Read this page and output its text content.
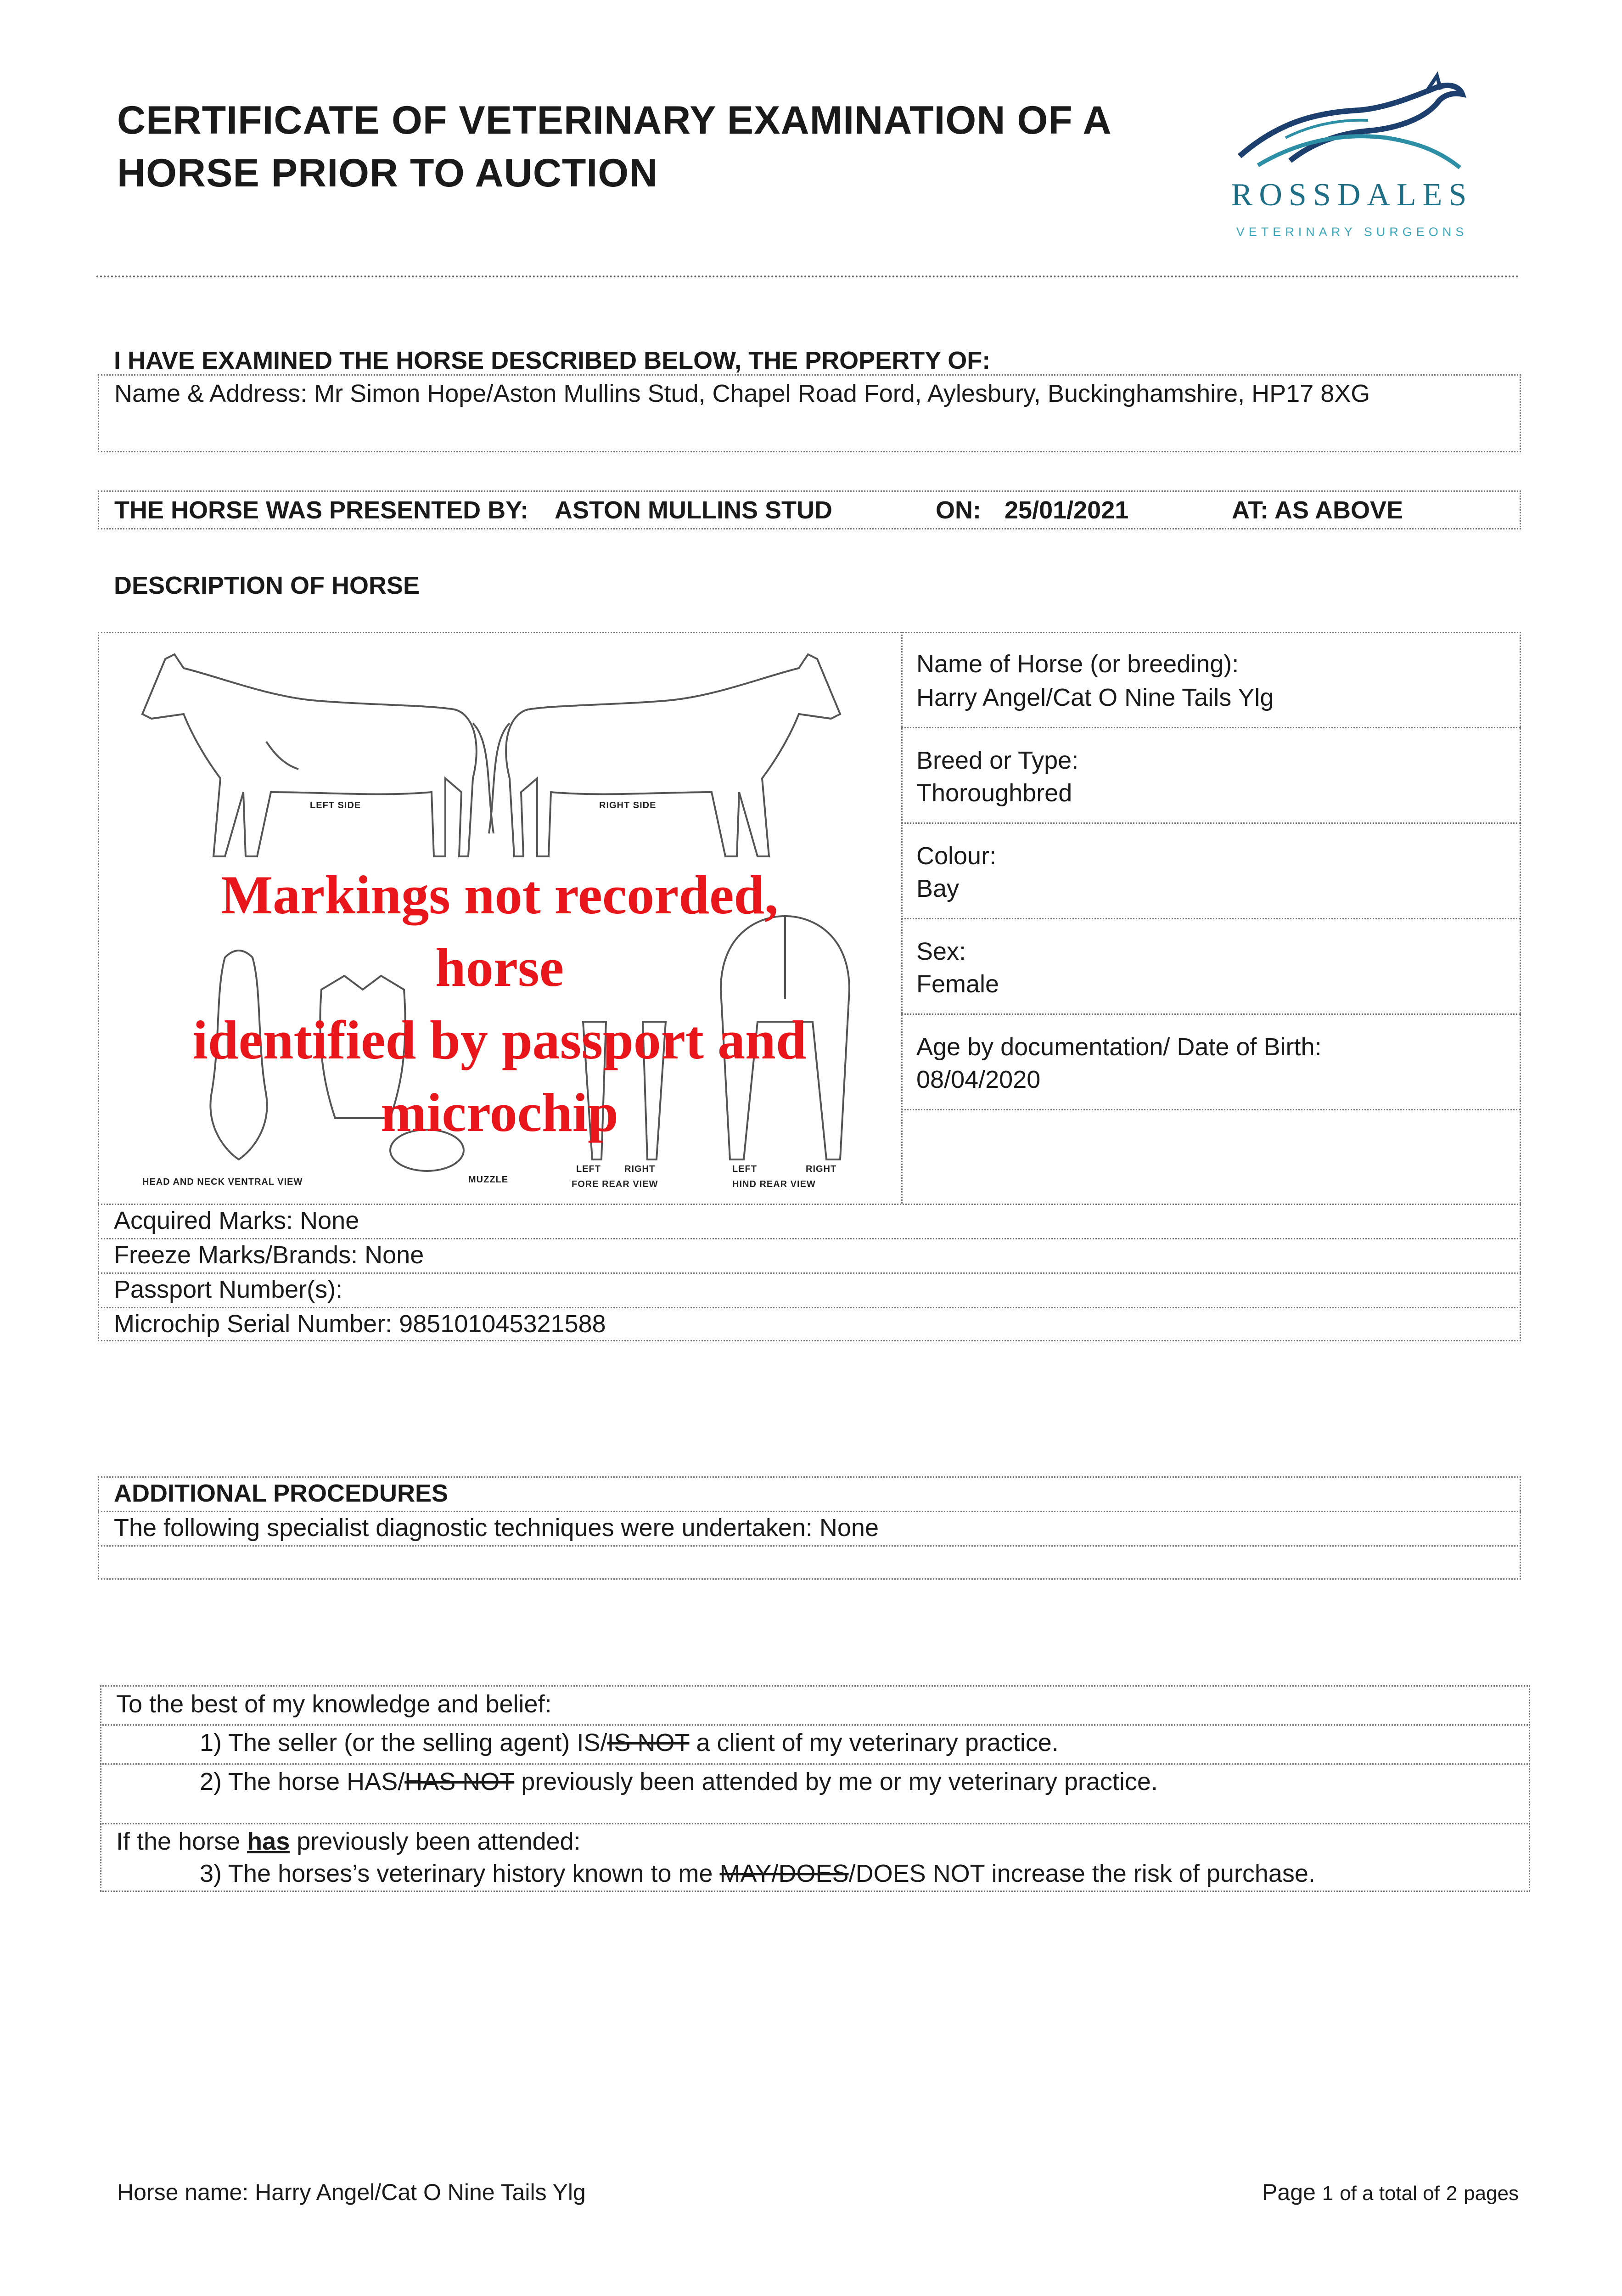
CERTIFICATE OF VETERINARY EXAMINATION OF A
HORSE PRIOR TO AUCTION	ROSSDALES
VETERINARY SURGEONS
I HAVE EXAMINED THE HORSE DESCRIBED BELOW, THE PROPERTY OF:
Name & Address: Mr Simon Hope/Aston Mullins Stud, Chapel Road Ford, Aylesbury, Buckinghamshire, HP17 8XG
THE HORSE WAS PRESENTED BY: ASTON MULLINS STUD	ON: 25/01/2021	AT: AS ABOVE
DESCRIPTION OF HORSE
LEFT SIDE	RIGHT SIDE
HEAD AND NECK VENTRAL VIEW	MUZZLE
LEFT	RIGHT
FORE REAR VIEW
LEFT	RIGHT
HIND REAR VIEW
Markings not recorded,
horse
identified by passport and
microchip
Name of Horse (or breeding):
Harry Angel/Cat O Nine Tails Ylg
Breed or Type:
Thoroughbred
Colour:
Bay
Sex:
Female
Age by documentation/ Date of Birth:
08/04/2020
Acquired Marks: None
Freeze Marks/Brands: None
Passport Number(s):
Microchip Serial Number: 985101045321588
ADDITIONAL PROCEDURES
The following specialist diagnostic techniques were undertaken: None
To the best of my knowledge and belief:
1) The seller (or the selling agent) IS/IS NOT a client of my veterinary practice.
2) The horse HAS/HAS NOT previously been attended by me or my veterinary practice.
If the horse has previously been attended:
3) The horses’s veterinary history known to me MAY/DOES/DOES NOT increase the risk of purchase.
Horse name: Harry Angel/Cat O Nine Tails Ylg	Page 1 of a total of 2 pages
